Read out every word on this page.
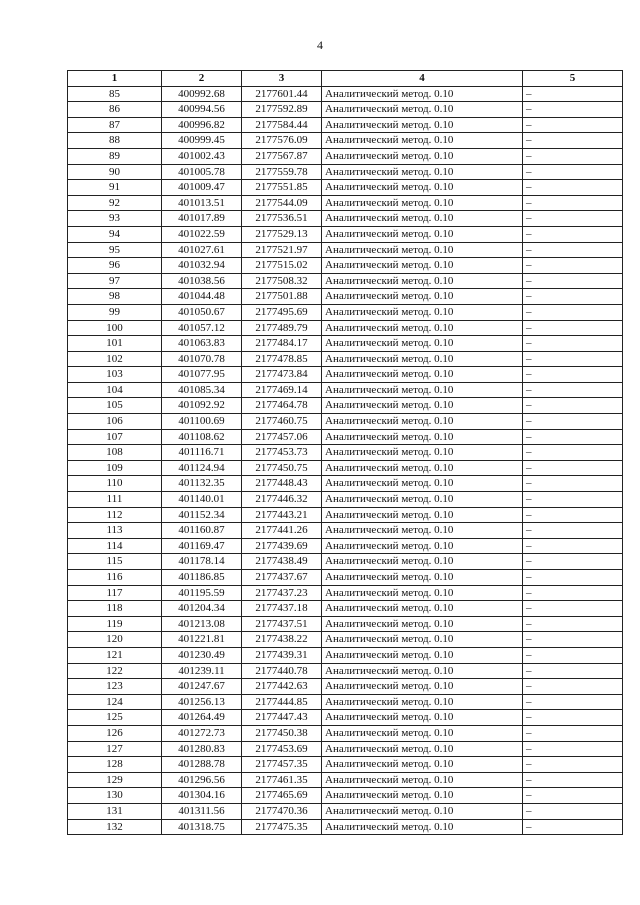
4
1	2	3	4	5
85	400992.68	2177601.44	Аналитический метод. 0.10	–
86	400994.56	2177592.89	Аналитический метод. 0.10	–
87	400996.82	2177584.44	Аналитический метод. 0.10	–
88	400999.45	2177576.09	Аналитический метод. 0.10	–
89	401002.43	2177567.87	Аналитический метод. 0.10	–
90	401005.78	2177559.78	Аналитический метод. 0.10	–
91	401009.47	2177551.85	Аналитический метод. 0.10	–
92	401013.51	2177544.09	Аналитический метод. 0.10	–
93	401017.89	2177536.51	Аналитический метод. 0.10	–
94	401022.59	2177529.13	Аналитический метод. 0.10	–
95	401027.61	2177521.97	Аналитический метод. 0.10	–
96	401032.94	2177515.02	Аналитический метод. 0.10	–
97	401038.56	2177508.32	Аналитический метод. 0.10	–
98	401044.48	2177501.88	Аналитический метод. 0.10	–
99	401050.67	2177495.69	Аналитический метод. 0.10	–
100	401057.12	2177489.79	Аналитический метод. 0.10	–
101	401063.83	2177484.17	Аналитический метод. 0.10	–
102	401070.78	2177478.85	Аналитический метод. 0.10	–
103	401077.95	2177473.84	Аналитический метод. 0.10	–
104	401085.34	2177469.14	Аналитический метод. 0.10	–
105	401092.92	2177464.78	Аналитический метод. 0.10	–
106	401100.69	2177460.75	Аналитический метод. 0.10	–
107	401108.62	2177457.06	Аналитический метод. 0.10	–
108	401116.71	2177453.73	Аналитический метод. 0.10	–
109	401124.94	2177450.75	Аналитический метод. 0.10	–
110	401132.35	2177448.43	Аналитический метод. 0.10	–
111	401140.01	2177446.32	Аналитический метод. 0.10	–
112	401152.34	2177443.21	Аналитический метод. 0.10	–
113	401160.87	2177441.26	Аналитический метод. 0.10	–
114	401169.47	2177439.69	Аналитический метод. 0.10	–
115	401178.14	2177438.49	Аналитический метод. 0.10	–
116	401186.85	2177437.67	Аналитический метод. 0.10	–
117	401195.59	2177437.23	Аналитический метод. 0.10	–
118	401204.34	2177437.18	Аналитический метод. 0.10	–
119	401213.08	2177437.51	Аналитический метод. 0.10	–
120	401221.81	2177438.22	Аналитический метод. 0.10	–
121	401230.49	2177439.31	Аналитический метод. 0.10	–
122	401239.11	2177440.78	Аналитический метод. 0.10	–
123	401247.67	2177442.63	Аналитический метод. 0.10	–
124	401256.13	2177444.85	Аналитический метод. 0.10	–
125	401264.49	2177447.43	Аналитический метод. 0.10	–
126	401272.73	2177450.38	Аналитический метод. 0.10	–
127	401280.83	2177453.69	Аналитический метод. 0.10	–
128	401288.78	2177457.35	Аналитический метод. 0.10	–
129	401296.56	2177461.35	Аналитический метод. 0.10	–
130	401304.16	2177465.69	Аналитический метод. 0.10	–
131	401311.56	2177470.36	Аналитический метод. 0.10	–
132	401318.75	2177475.35	Аналитический метод. 0.10	–
